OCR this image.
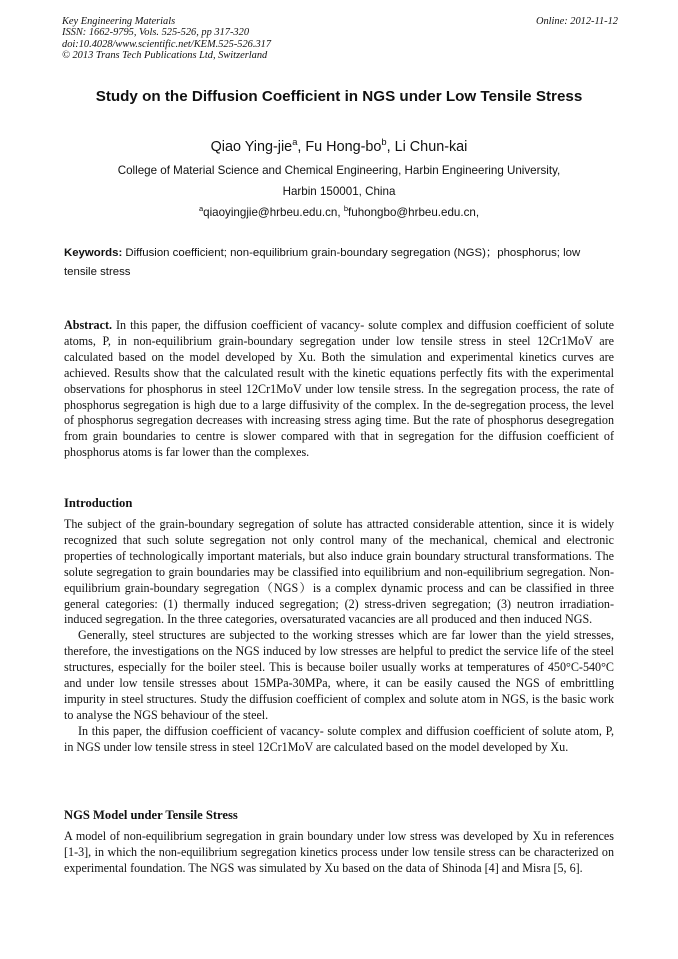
Key Engineering Materials
ISSN: 1662-9795, Vols. 525-526, pp 317-320
doi:10.4028/www.scientific.net/KEM.525-526.317
© 2013 Trans Tech Publications Ltd, Switzerland
Online: 2012-11-12
Study on the Diffusion Coefficient in NGS under Low Tensile Stress
Qiao Ying-jie$^a$, Fu Hong-$bo^b$, Li Chun-kai
College of Material Science and Chemical Engineering, Harbin Engineering University,
Harbin 150001, China
$^a$qiaoyingjie@hrbeu.edu.cn, $^b$fuhongbo@hrbeu.edu.cn,
Keywords: Diffusion coefficient; non-equilibrium grain-boundary segregation (NGS)；phosphorus; low tensile stress
Abstract. In this paper, the diffusion coefficient of vacancy- solute complex and diffusion coefficient of solute atoms, P, in non-equilibrium grain-boundary segregation under low tensile stress in steel 12Cr1MoV are calculated based on the model developed by Xu. Both the simulation and experimental kinetics curves are achieved. Results show that the calculated result with the kinetic equations perfectly fits with the experimental observations for phosphorus in steel 12Cr1MoV under low tensile stress. In the segregation process, the rate of phosphorus segregation is high due to a large diffusivity of the complex. In the de-segregation process, the level of phosphorus segregation decreases with increasing stress aging time. But the rate of phosphorus desegregation from grain boundaries to centre is slower compared with that in segregation for the diffusion coefficient of phosphorus atoms is far lower than the complexes.
Introduction

The subject of the grain-boundary segregation of solute has attracted considerable attention, since it is widely recognized that such solute segregation not only control many of the mechanical, chemical and electronic properties of technologically important materials, but also induce grain boundary structural transformations. The solute segregation to grain boundaries may be classified into equilibrium and non-equilibrium segregation. Non-equilibrium grain-boundary segregation（NGS）is a complex dynamic process and can be classified in three general categories: (1) thermally induced segregation; (2) stress-driven segregation; (3) neutron irradiation-induced segregation. In the three categories, oversaturated vacancies are all produced and then induced NGS.

Generally, steel structures are subjected to the working stresses which are far lower than the yield stresses, therefore, the investigations on the NGS induced by low stresses are helpful to predict the service life of the steel structures, especially for the boiler steel. This is because boiler usually works at temperatures of 450°C-540°C and under low tensile stresses about 15MPa-30MPa, where, it can be easily caused the NGS of embrittling impurity in steel structures. Study the diffusion coefficient of complex and solute atom in NGS, is the basic work to analyse the NGS behaviour of the steel.

In this paper, the diffusion coefficient of vacancy- solute complex and diffusion coefficient of solute atom, P, in NGS under low tensile stress in steel 12Cr1MoV are calculated based on the model developed by Xu.

NGS Model under Tensile Stress

A model of non-equilibrium segregation in grain boundary under low stress was developed by Xu in references [1-3], in which the non-equilibrium segregation kinetics process under low tensile stress can be characterized on experimental foundation. The NGS was simulated by Xu based on the data of Shinoda [4] and Misra [5, 6].
